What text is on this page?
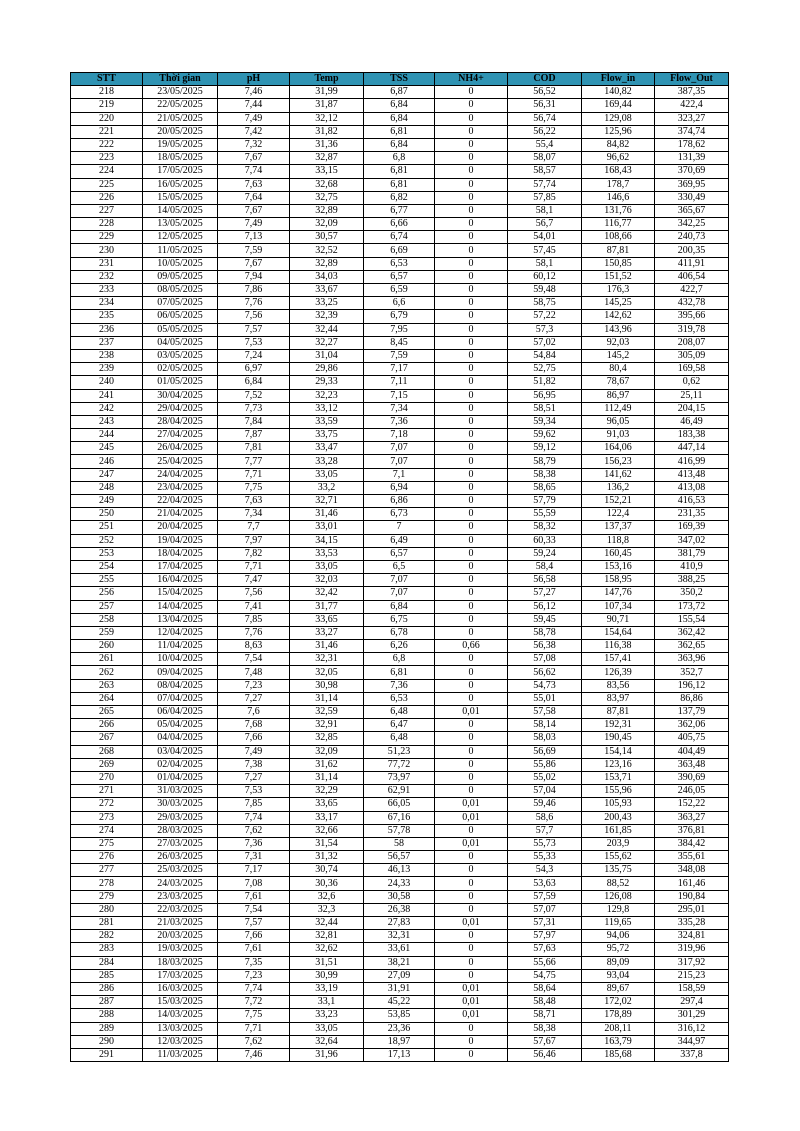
STT	Thời gian	pH	Temp	TSS	NH4+	COD	Flow_in	Flow_Out
218	23/05/2025	7,46	31,99	6,87	0	56,52	140,82	387,35
219	22/05/2025	7,44	31,87	6,84	0	56,31	169,44	422,4
220	21/05/2025	7,49	32,12	6,84	0	56,74	129,08	323,27
221	20/05/2025	7,42	31,82	6,81	0	56,22	125,96	374,74
222	19/05/2025	7,32	31,36	6,84	0	55,4	84,82	178,62
223	18/05/2025	7,67	32,87	6,8	0	58,07	96,62	131,39
224	17/05/2025	7,74	33,15	6,81	0	58,57	168,43	370,69
225	16/05/2025	7,63	32,68	6,81	0	57,74	178,7	369,95
226	15/05/2025	7,64	32,75	6,82	0	57,85	146,6	330,49
227	14/05/2025	7,67	32,89	6,77	0	58,1	131,76	365,67
228	13/05/2025	7,49	32,09	6,66	0	56,7	116,77	342,25
229	12/05/2025	7,13	30,57	6,74	0	54,01	108,66	240,73
230	11/05/2025	7,59	32,52	6,69	0	57,45	87,81	200,35
231	10/05/2025	7,67	32,89	6,53	0	58,1	150,85	411,91
232	09/05/2025	7,94	34,03	6,57	0	60,12	151,52	406,54
233	08/05/2025	7,86	33,67	6,59	0	59,48	176,3	422,7
234	07/05/2025	7,76	33,25	6,6	0	58,75	145,25	432,78
235	06/05/2025	7,56	32,39	6,79	0	57,22	142,62	395,66
236	05/05/2025	7,57	32,44	7,95	0	57,3	143,96	319,78
237	04/05/2025	7,53	32,27	8,45	0	57,02	92,03	208,07
238	03/05/2025	7,24	31,04	7,59	0	54,84	145,2	305,09
239	02/05/2025	6,97	29,86	7,17	0	52,75	80,4	169,58
240	01/05/2025	6,84	29,33	7,11	0	51,82	78,67	0,62
241	30/04/2025	7,52	32,23	7,15	0	56,95	86,97	25,11
242	29/04/2025	7,73	33,12	7,34	0	58,51	112,49	204,15
243	28/04/2025	7,84	33,59	7,36	0	59,34	96,05	46,49
244	27/04/2025	7,87	33,75	7,18	0	59,62	91,03	183,38
245	26/04/2025	7,81	33,47	7,07	0	59,12	164,06	447,14
246	25/04/2025	7,77	33,28	7,07	0	58,79	156,23	416,99
247	24/04/2025	7,71	33,05	7,1	0	58,38	141,62	413,48
248	23/04/2025	7,75	33,2	6,94	0	58,65	136,2	413,08
249	22/04/2025	7,63	32,71	6,86	0	57,79	152,21	416,53
250	21/04/2025	7,34	31,46	6,73	0	55,59	122,4	231,35
251	20/04/2025	7,7	33,01	7	0	58,32	137,37	169,39
252	19/04/2025	7,97	34,15	6,49	0	60,33	118,8	347,02
253	18/04/2025	7,82	33,53	6,57	0	59,24	160,45	381,79
254	17/04/2025	7,71	33,05	6,5	0	58,4	153,16	410,9
255	16/04/2025	7,47	32,03	7,07	0	56,58	158,95	388,25
256	15/04/2025	7,56	32,42	7,07	0	57,27	147,76	350,2
257	14/04/2025	7,41	31,77	6,84	0	56,12	107,34	173,72
258	13/04/2025	7,85	33,65	6,75	0	59,45	90,71	155,54
259	12/04/2025	7,76	33,27	6,78	0	58,78	154,64	362,42
260	11/04/2025	8,63	31,46	6,26	0,66	56,38	116,38	362,65
261	10/04/2025	7,54	32,31	6,8	0	57,08	157,41	363,96
262	09/04/2025	7,48	32,05	6,81	0	56,62	126,39	352,7
263	08/04/2025	7,23	30,98	7,36	0	54,73	83,56	196,12
264	07/04/2025	7,27	31,14	6,53	0	55,01	83,97	86,86
265	06/04/2025	7,6	32,59	6,48	0,01	57,58	87,81	137,79
266	05/04/2025	7,68	32,91	6,47	0	58,14	192,31	362,06
267	04/04/2025	7,66	32,85	6,48	0	58,03	190,45	405,75
268	03/04/2025	7,49	32,09	51,23	0	56,69	154,14	404,49
269	02/04/2025	7,38	31,62	77,72	0	55,86	123,16	363,48
270	01/04/2025	7,27	31,14	73,97	0	55,02	153,71	390,69
271	31/03/2025	7,53	32,29	62,91	0	57,04	155,96	246,05
272	30/03/2025	7,85	33,65	66,05	0,01	59,46	105,93	152,22
273	29/03/2025	7,74	33,17	67,16	0,01	58,6	200,43	363,27
274	28/03/2025	7,62	32,66	57,78	0	57,7	161,85	376,81
275	27/03/2025	7,36	31,54	58	0,01	55,73	203,9	384,42
276	26/03/2025	7,31	31,32	56,57	0	55,33	155,62	355,61
277	25/03/2025	7,17	30,74	46,13	0	54,3	135,75	348,08
278	24/03/2025	7,08	30,36	24,33	0	53,63	88,52	161,46
279	23/03/2025	7,61	32,6	30,58	0	57,59	126,08	190,84
280	22/03/2025	7,54	32,3	26,38	0	57,07	129,8	295,01
281	21/03/2025	7,57	32,44	27,83	0,01	57,31	119,65	335,28
282	20/03/2025	7,66	32,81	32,31	0	57,97	94,06	324,81
283	19/03/2025	7,61	32,62	33,61	0	57,63	95,72	319,96
284	18/03/2025	7,35	31,51	38,21	0	55,66	89,09	317,92
285	17/03/2025	7,23	30,99	27,09	0	54,75	93,04	215,23
286	16/03/2025	7,74	33,19	31,91	0,01	58,64	89,67	158,59
287	15/03/2025	7,72	33,1	45,22	0,01	58,48	172,02	297,4
288	14/03/2025	7,75	33,23	53,85	0,01	58,71	178,89	301,29
289	13/03/2025	7,71	33,05	23,36	0	58,38	208,11	316,12
290	12/03/2025	7,62	32,64	18,97	0	57,67	163,79	344,97
291	11/03/2025	7,46	31,96	17,13	0	56,46	185,68	337,8
